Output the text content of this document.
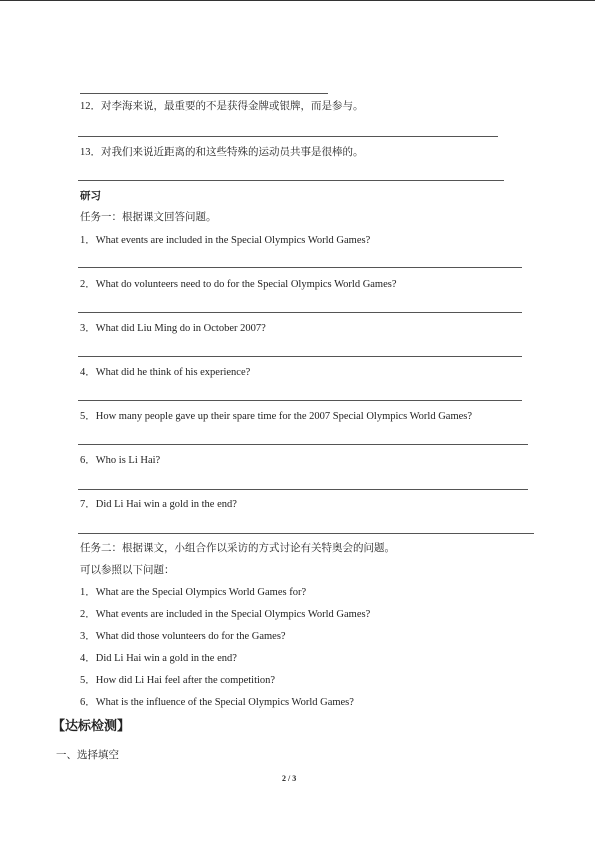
12．对李海来说，最重要的不是获得金牌或银牌，而是参与。
13．对我们来说近距离的和这些特殊的运动员共事是很棒的。
研习
任务一：根据课文回答问题。
1．What events are included in the Special Olympics World Games?
2．What do volunteers need to do for the Special Olympics World Games?
3．What did Liu Ming do in October 2007?
4．What did he think of his experience?
5．How many people gave up their spare time for the 2007 Special Olympics World Games?
6．Who is Li Hai?
7．Did Li Hai win a gold in the end?
任务二：根据课文，小组合作以采访的方式讨论有关特奥会的问题。
可以参照以下问题：
1．What are the Special Olympics World Games for?
2．What events are included in the Special Olympics World Games?
3．What did those volunteers do for the Games?
4．Did Li Hai win a gold in the end?
5．How did Li Hai feel after the competition?
6．What is the influence of the Special Olympics World Games?
【达标检测】
一、选择填空
2 / 3
